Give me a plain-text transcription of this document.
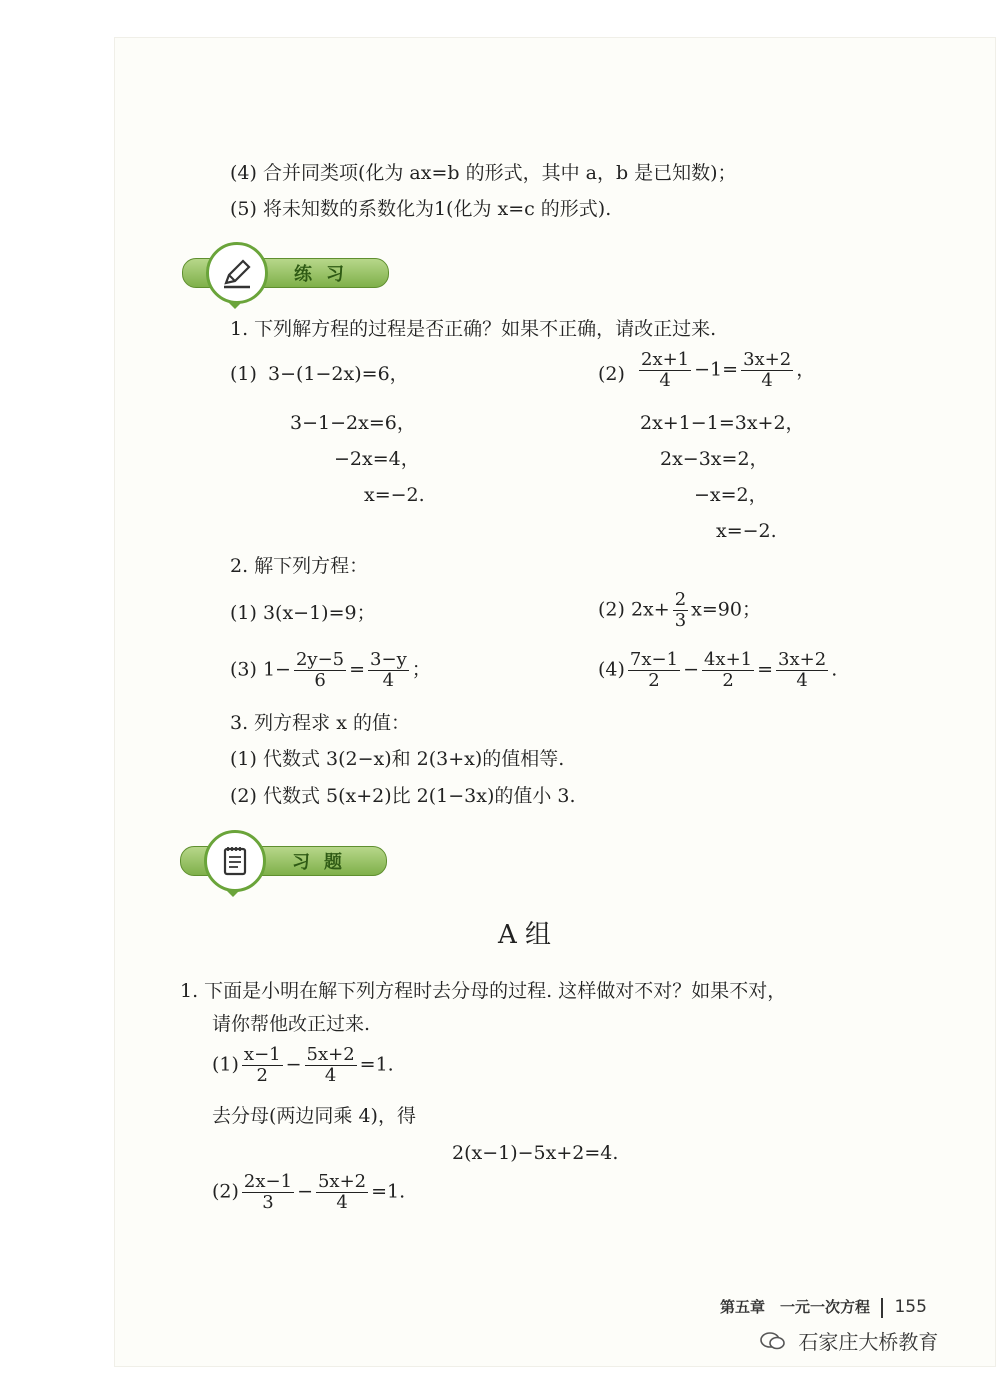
(4) 合并同类项(化为 ax=b 的形式，其中 a，b 是已知数)；
(5) 将未知数的系数化为1(化为 x=c 的形式).
练习
1. 下列解方程的过程是否正确？如果不正确，请改正过来.
(1) 3−(1−2x)=6，
3−1−2x=6，
−2x=4，
x=−2.
$(2) \frac{2x+1}{4} -1= \frac{3x+2}{4}$ ，
2x+1−1=3x+2，
2x−3x=2，
−x=2，
x=−2.
2. 解下列方程：
(1) 3(x−1)=9；	(2) $2x+ \frac{2}{3} x=90$；
(3) $1- \frac{2y-5}{6} = \frac{3-y}{4}$ ；	$(4) \frac{7x-1}{2} - \frac{4x+1}{2} = \frac{3x+2}{4}$ .
3. 列方程求 x 的值：
(1) 代数式 3(2−x)和 2(3+x)的值相等.
(2) 代数式 5(x+2)比 2(1−3x)的值小 3.
习题
A 组
1. 下面是小明在解下列方程时去分母的过程. 这样做对不对？如果不对，
请你帮他改正过来.
$(1) \frac{x-1}{2} - \frac{5x+2}{4} =1$.
去分母(两边同乘 4)，得
2(x−1)−5x+2=4.
$(2) \frac{2x-1}{3} - \frac{5x+2}{4} =1$.
第五章　一元一次方程 155
石家庄大桥教育
